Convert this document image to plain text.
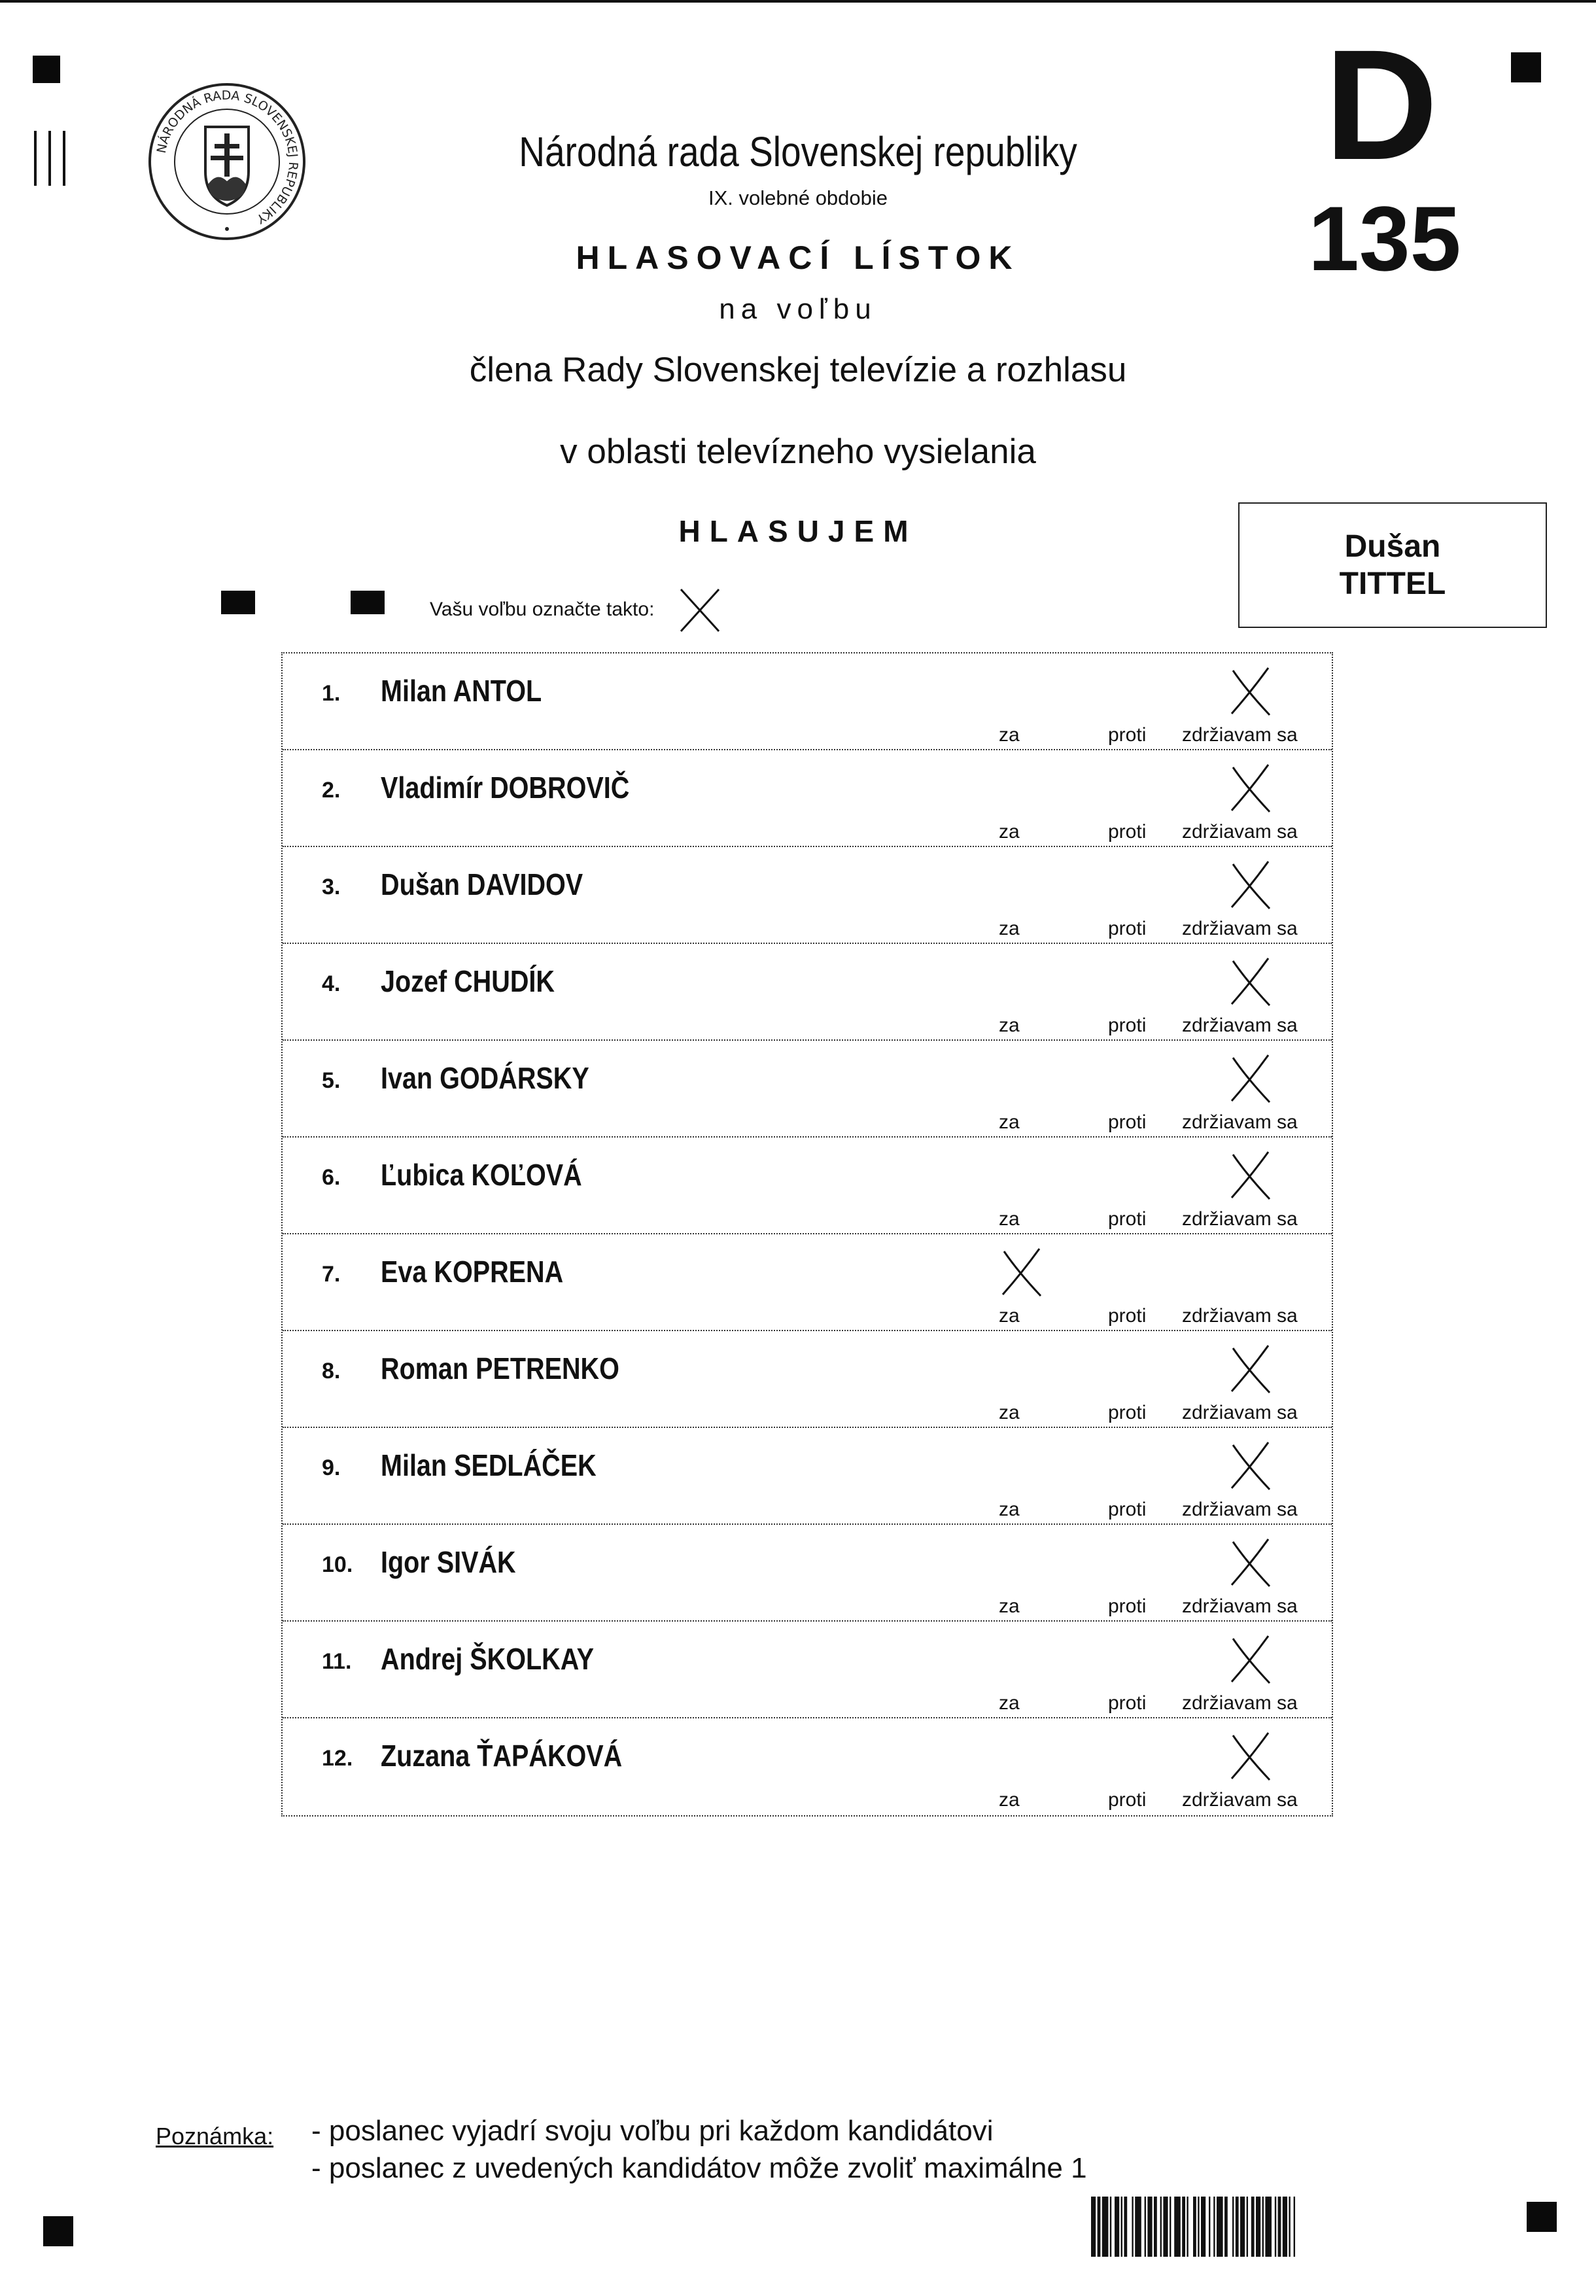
NÁRODNÁ RADA SLOVENSKEJ REPUBLIKY
Národná rada Slovenskej republiky
IX. volebné obdobie
HLASOVACÍ LÍSTOK
na voľbu
člena Rady Slovenskej televízie a rozhlasu
v oblasti televízneho vysielania
HLASUJEM
D
135
Dušan
TITTEL
Vašu voľbu označte takto:
1. Milan ANTOL
za	proti zdržiavam sa
2. Vladimír DOBROVIČ
za	proti zdržiavam sa
3. Dušan DAVIDOV
za	proti zdržiavam sa
4. Jozef CHUDÍK
za	proti zdržiavam sa
5. Ivan GODÁRSKY
za	proti zdržiavam sa
6. Ľubica KOĽOVÁ
za	proti zdržiavam sa
7. Eva KOPRENA
za	proti zdržiavam sa
8. Roman PETRENKO
za	proti zdržiavam sa
9. Milan SEDLÁČEK
za	proti zdržiavam sa
10. Igor SIVÁK
za	proti zdržiavam sa
11. Andrej ŠKOLKAY
za	proti zdržiavam sa
12. Zuzana ŤAPÁKOVÁ
za	proti zdržiavam sa
Poznámka: - poslanec vyjadrí svoju voľbu pri každom kandidátovi
- poslanec z uvedených kandidátov môže zvoliť maximálne 1
